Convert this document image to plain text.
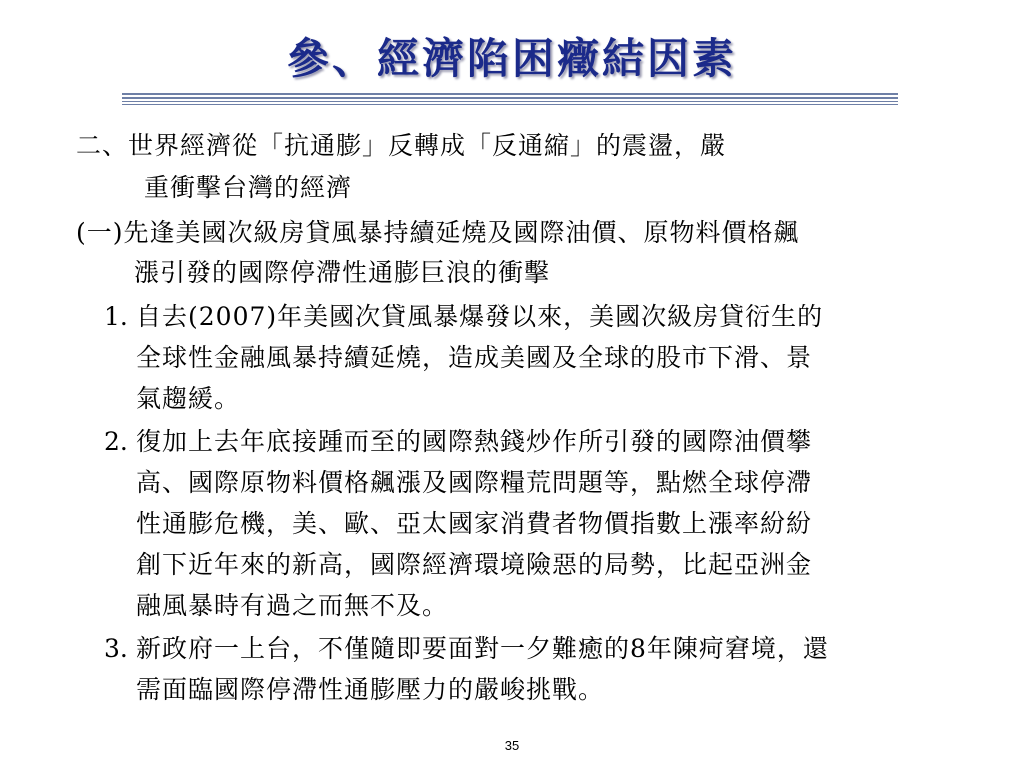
參、經濟陷困癥結因素
二、世界經濟從「抗通膨」反轉成「反通縮」的震盪，嚴
重衝擊台灣的經濟
(一)先逢美國次級房貸風暴持續延燒及國際油價、原物料價格飆
漲引發的國際停滯性通膨巨浪的衝擊
1. 自去(2007)年美國次貸風暴爆發以來，美國次級房貸衍生的
全球性金融風暴持續延燒，造成美國及全球的股市下滑、景
氣趨緩。
2. 復加上去年底接踵而至的國際熱錢炒作所引發的國際油價攀
高、國際原物料價格飆漲及國際糧荒問題等，點燃全球停滯
性通膨危機，美、歐、亞太國家消費者物價指數上漲率紛紛
創下近年來的新高，國際經濟環境險惡的局勢，比起亞洲金
融風暴時有過之而無不及。
3. 新政府一上台，不僅隨即要面對一夕難癒的8年陳疴窘境，還
需面臨國際停滯性通膨壓力的嚴峻挑戰。
35
